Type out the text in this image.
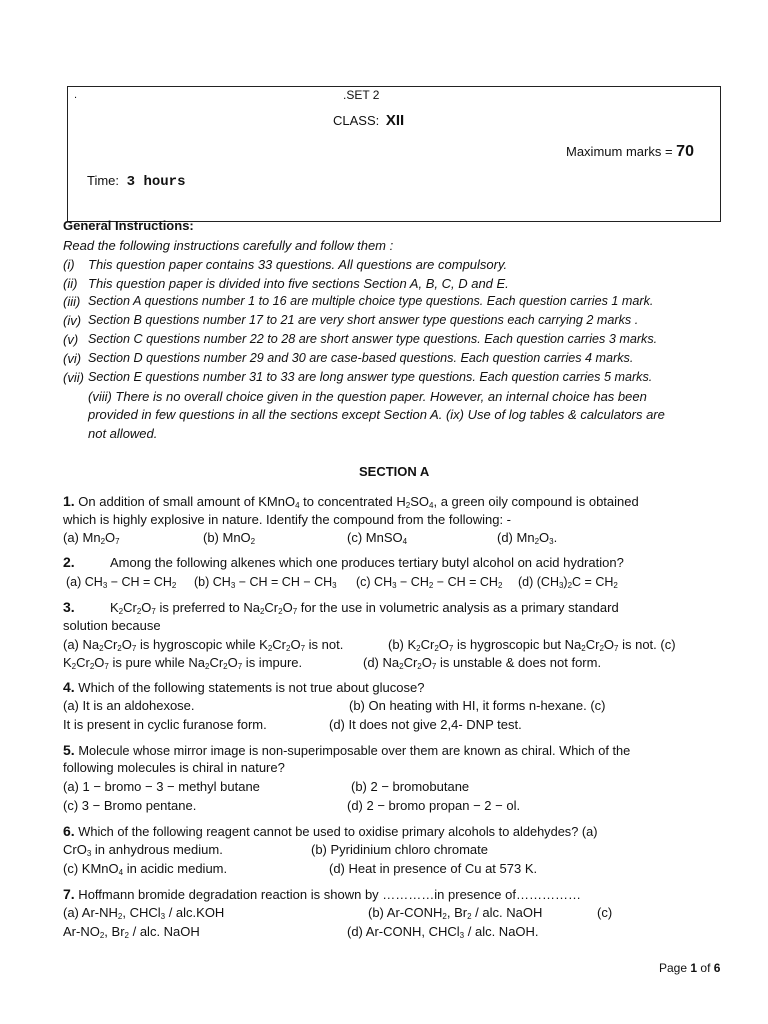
.	.SET 2
CLASS: XII
Maximum marks = 70
Time: 3 hours
General Instructions:
Read the following instructions carefully and follow them :
(i) This question paper contains 33 questions. All questions are compulsory.
(ii) This question paper is divided into five sections Section A, B, C, D and E.
(iii) Section A questions number 1 to 16 are multiple choice type questions. Each question carries 1 mark.
(iv) Section B questions number 17 to 21 are very short answer type questions each carrying 2 marks .
(v) Section C questions number 22 to 28 are short answer type questions. Each question carries 3 marks.
(vi) Section D questions number 29 and 30 are case-based questions. Each question carries 4 marks.
(vii) Section E questions number 31 to 33 are long answer type questions. Each question carries 5 marks.
(viii) There is no overall choice given in the question paper. However, an internal choice has been
provided in few questions in all the sections except Section A. (ix) Use of log tables & calculators are
not allowed.
SECTION A
1. On addition of small amount of KMnO$_4$ to concentrated $H_2SO_4$, a green oily compound is obtained
which is highly explosive in nature. Identify the compound from the following: -
(a) $Mn_2O_7$	(b) MnO$_2$	(c) MnSO$_4$	(d) $Mn_2O_3$.
2.	Among the following alkenes which one produces tertiary butyl alcohol on acid hydration?
(a) $CH_3$ − CH = $CH_2$ (b) $CH_3$ − CH = CH − $CH_3$ (c) $CH_3 - CH_2$ − CH = $CH_2$ (d) $(CH_3)_2C = CH_2$
3.	$K_2Cr_2O_7$ is preferred to $Na_2Cr_2O_7$ for the use in volumetric analysis as a primary standard
solution because
(a) $Na_2Cr_2O_7$ is hygroscopic while $K_2Cr_2O_7$ is not.	(b) $K_2Cr_2O_7$ is hygroscopic but $Na_2Cr_2O_7$ is not. (c)
$K_2Cr_2O_7$ is pure while $Na_2Cr_2O_7$ is impure.	(d) $Na_2Cr_2O_7$ is unstable & does not form.
4. Which of the following statements is not true about glucose?
(a) It is an aldohexose.	(b) On heating with HI, it forms n-hexane. (c)
It is present in cyclic furanose form.	(d) It does not give 2,4- DNP test.
5. Molecule whose mirror image is non-superimposable over them are known as chiral. Which of the
following molecules is chiral in nature?
(a) 1 − bromo − 3 − methyl butane	(b) 2 − bromobutane
(c) 3 − Bromo pentane.	(d) 2 − bromo propan − 2 − ol.
6. Which of the following reagent cannot be used to oxidise primary alcohols to aldehydes? (a)
CrO$_3$ in anhydrous medium.	(b) Pyridinium chloro chromate
(c) KMnO$_4$ in acidic medium.	(d) Heat in presence of Cu at 573 K.
7. Hoffmann bromide degradation reaction is shown by …………in presence of……………
(a) $Ar-NH_2$, CHCl$_3$ / alc.KOH	(b) $Ar-CONH_2$, $Br_2$ / alc. NaOH	(c)
$Ar-NO_2$, $Br_2$ / alc. NaOH	(d) Ar-CONH, CHCl$_3$ / alc. NaOH.
Page 1 of 6
